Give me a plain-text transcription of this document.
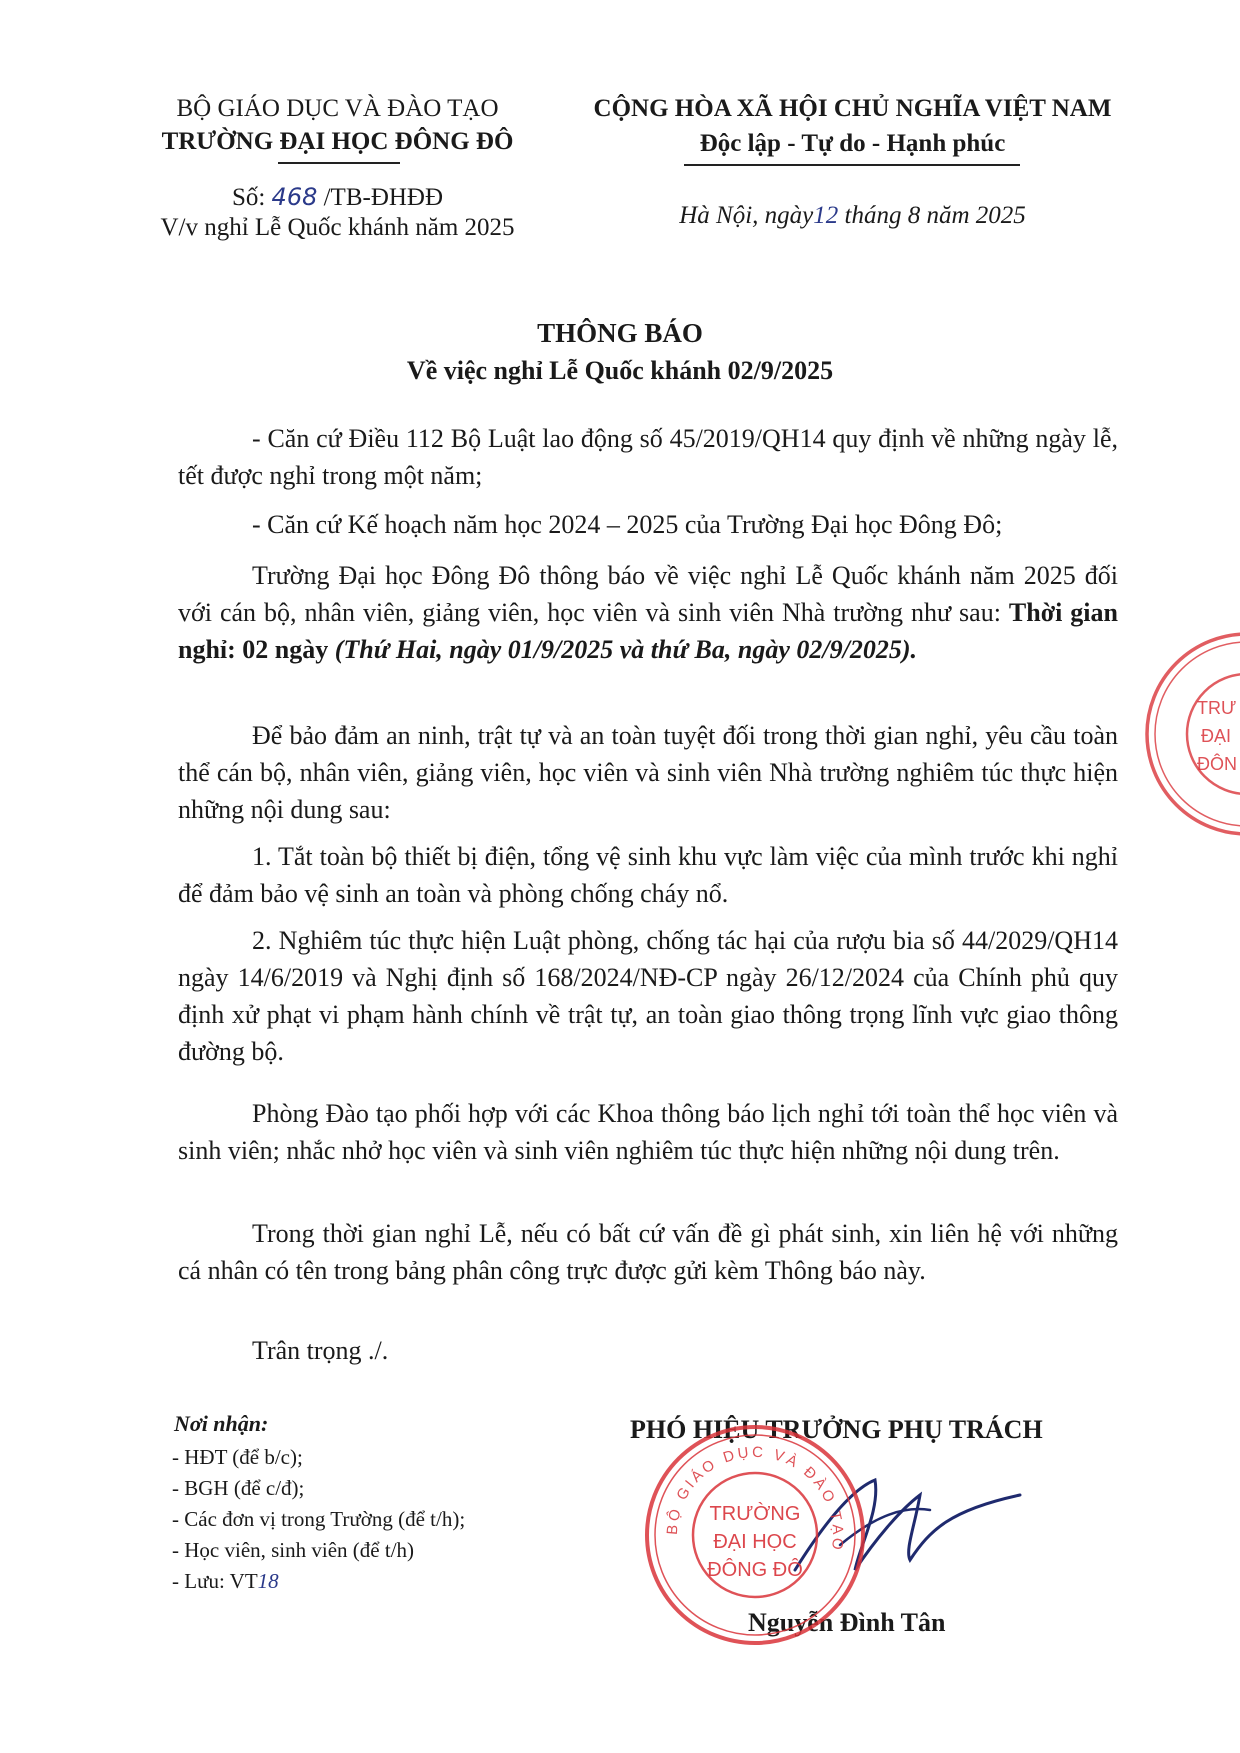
BỘ GIÁO DỤC VÀ ĐÀO TẠO
TRƯỜNG ĐẠI HỌC ĐÔNG ĐÔ
Số: 468 /TB-ĐHĐĐ
V/v nghỉ Lễ Quốc khánh năm 2025
CỘNG HÒA XÃ HỘI CHỦ NGHĨA VIỆT NAM
Độc lập - Tự do - Hạnh phúc
Hà Nội, ngày12 tháng 8 năm 2025
THÔNG BÁO
Về việc nghỉ Lễ Quốc khánh 02/9/2025
- Căn cứ Điều 112 Bộ Luật lao động số 45/2019/QH14 quy định về những ngày lễ, tết được nghỉ trong một năm;
- Căn cứ Kế hoạch năm học 2024 – 2025 của Trường Đại học Đông Đô;
Trường Đại học Đông Đô thông báo về việc nghỉ Lễ Quốc khánh năm 2025 đối với cán bộ, nhân viên, giảng viên, học viên và sinh viên Nhà trường như sau: Thời gian nghỉ: 02 ngày (Thứ Hai, ngày 01/9/2025 và thứ Ba, ngày 02/9/2025).
Để bảo đảm an ninh, trật tự và an toàn tuyệt đối trong thời gian nghỉ, yêu cầu toàn thể cán bộ, nhân viên, giảng viên, học viên và sinh viên Nhà trường nghiêm túc thực hiện những nội dung sau:
1. Tắt toàn bộ thiết bị điện, tổng vệ sinh khu vực làm việc của mình trước khi nghỉ để đảm bảo vệ sinh an toàn và phòng chống cháy nổ.
2. Nghiêm túc thực hiện Luật phòng, chống tác hại của rượu bia số 44/2029/QH14 ngày 14/6/2019 và Nghị định số 168/2024/NĐ-CP ngày 26/12/2024 của Chính phủ quy định xử phạt vi phạm hành chính về trật tự, an toàn giao thông trọng lĩnh vực giao thông đường bộ.
Phòng Đào tạo phối hợp với các Khoa thông báo lịch nghỉ tới toàn thể học viên và sinh viên; nhắc nhở học viên và sinh viên nghiêm túc thực hiện những nội dung trên.
Trong thời gian nghỉ Lễ, nếu có bất cứ vấn đề gì phát sinh, xin liên hệ với những cá nhân có tên trong bảng phân công trực được gửi kèm Thông báo này.
Trân trọng ./.
Nơi nhận:
- HĐT (để b/c);
- BGH (để c/đ);
- Các đơn vị trong Trường (để t/h);
- Học viên, sinh viên (để t/h)
- Lưu: VT18
PHÓ HIỆU TRƯỞNG PHỤ TRÁCH
Nguyễn Đình Tân
BỘ GIÁO DỤC VÀ ĐÀO TẠO
TRƯỜNG
ĐẠI HỌC
ĐÔNG ĐÔ
TRƯ
ĐẠI
ĐÔN
